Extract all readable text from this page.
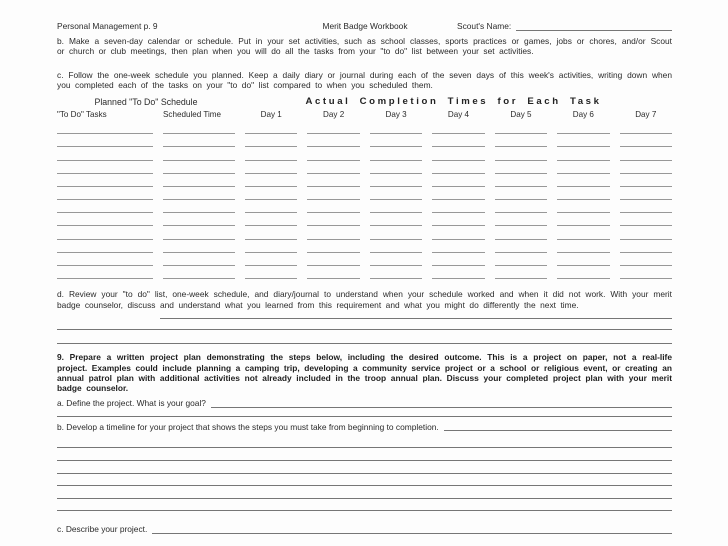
Personal Management p. 9	Merit Badge Workbook	Scout's Name:

b. Make a seven-day calendar or schedule. Put in your set activities, such as school classes, sports practices or games, jobs or chores, and/or Scout or church or club meetings, then plan when you will do all the tasks from your "to do" list between your set activities.

c. Follow the one-week schedule you planned. Keep a daily diary or journal during each of the seven days of this week's activities, writing down when you completed each of the tasks on your "to do" list compared to when you scheduled them.

Planned "To Do" Schedule	Actual Completion Times for Each Task
"To Do" Tasks	Scheduled Time	Day 1	Day 2	Day 3	Day 4	Day 5	Day 6	Day 7
d. Review your "to do" list, one-week schedule, and diary/journal to understand when your schedule worked and when it did not work. With your merit badge counselor, discuss and understand what you learned from this requirement and what you might do differently the next time.

9. Prepare a written project plan demonstrating the steps below, including the desired outcome. This is a project on paper, not a real-life project. Examples could include planning a camping trip, developing a community service project or a school or religious event, or creating an annual patrol plan with additional activities not already included in the troop annual plan. Discuss your completed project plan with your merit badge counselor.

a. Define the project. What is your goal?
b. Develop a timeline for your project that shows the steps you must take from beginning to completion.
c. Describe your project.
